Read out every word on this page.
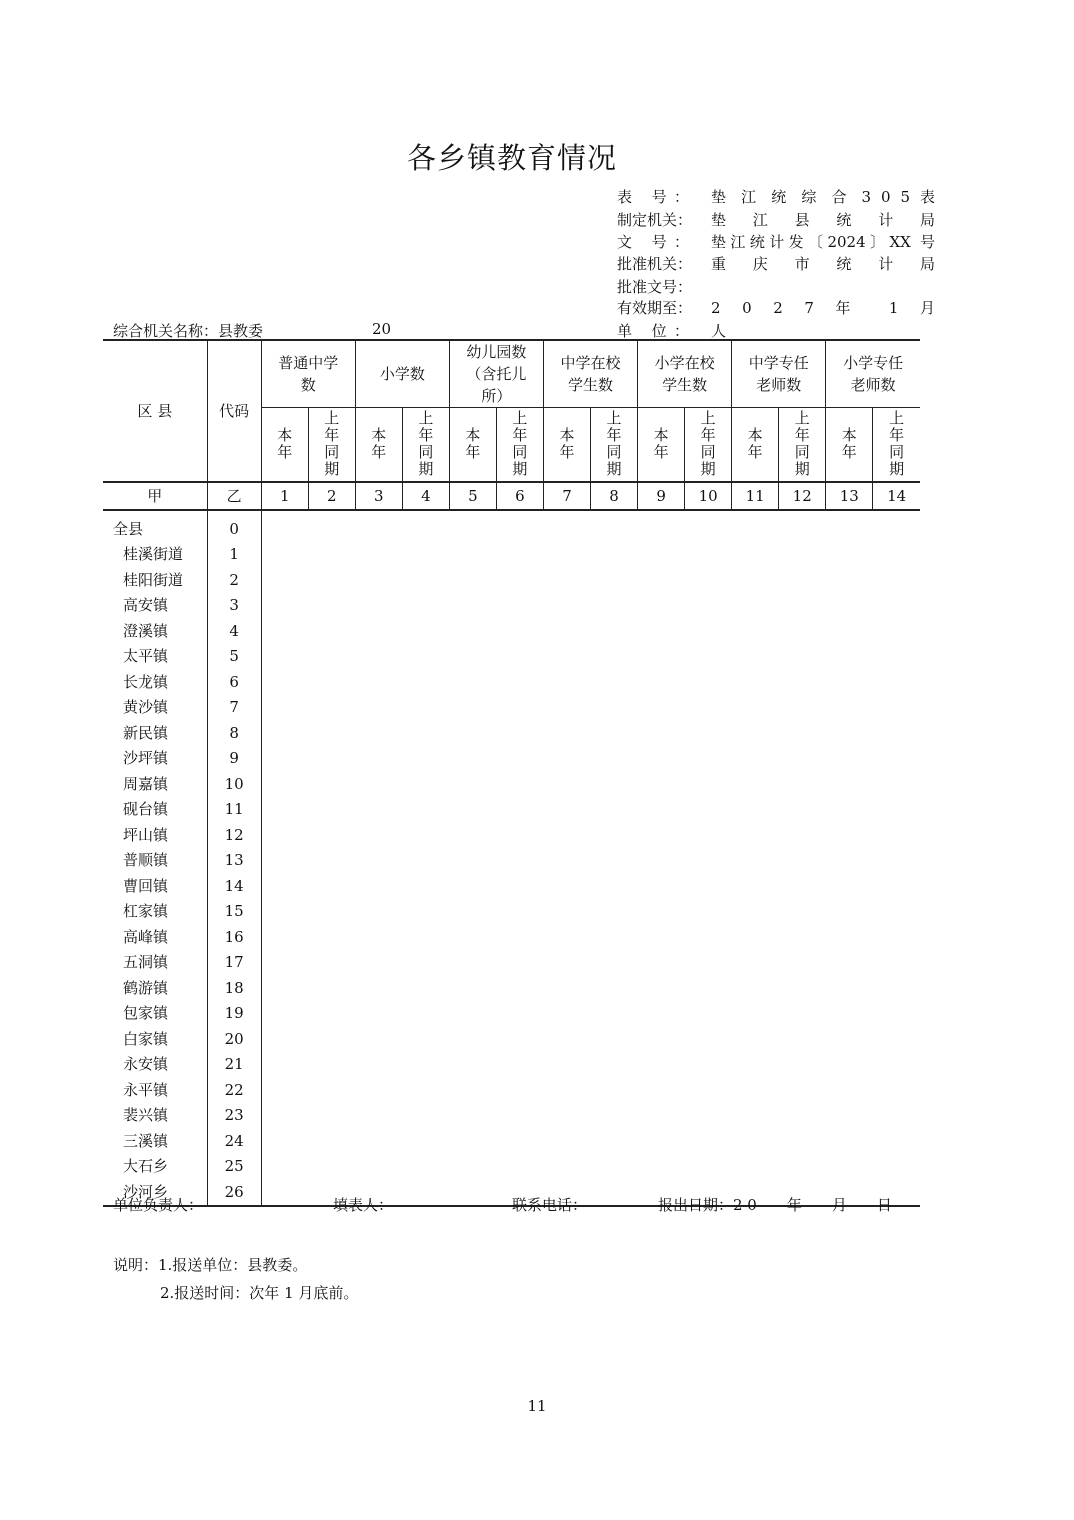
各乡镇教育情况
表 号： 垫 江 统 综 合 3 0 5 表
制定机关： 垫 江 县 统 计 局
文 号： 垫江统计发〔2024〕XX 号
批准机关： 重 庆 市 统 计 局
批准文号：
有效期至： 2 0 2 7 年 1 月
单 位： 人
综合机关名称：县教委	20
区 县	代码	普通中学数		小学数		幼儿园数（含托儿所）		中学在校学生数		小学在校学生数		中学专任老师数		小学专任老师数	

		本年	上年同期	本年	上年同期	本年	上年同期	本年	上年同期	本年	上年同期	本年	上年同期	本年	上年同期

甲	乙	1	2	3	4	5	6	7	8	9	10	11	12	13	14
全县	0														
桂溪街道	1														
桂阳街道	2														
高安镇	3														
澄溪镇	4														
太平镇	5														
长龙镇	6														
黄沙镇	7														
新民镇	8														
沙坪镇	9														
周嘉镇	10														
砚台镇	11														
坪山镇	12														
普顺镇	13														
曹回镇	14														
杠家镇	15														
高峰镇	16														
五洞镇	17														
鹤游镇	18														
包家镇	19														
白家镇	20														
永安镇	21														
永平镇	22														
裴兴镇	23														
三溪镇	24														
大石乡	25														
沙河乡	26														
单位负责人：	填表人：	联系电话：	报出日期：2 0　　年　　月　　日
说明：1.报送单位：县教委。
2.报送时间：次年 1 月底前。
11
